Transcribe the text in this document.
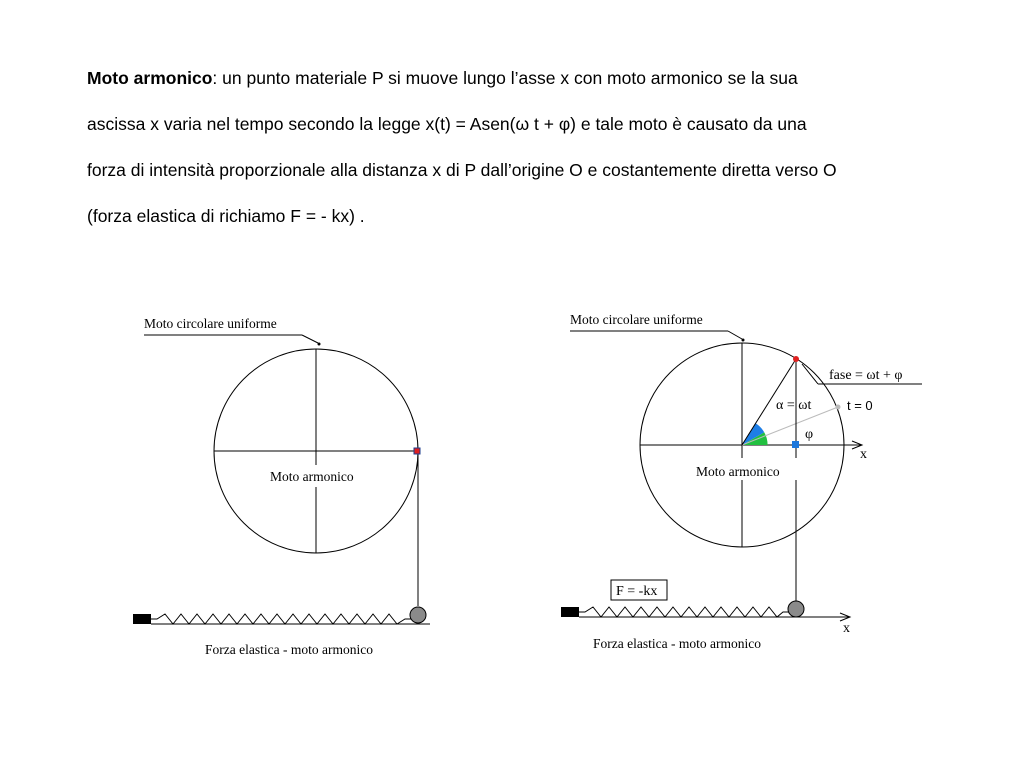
Moto armonico: un punto materiale P si muove lungo l’asse x con moto armonico se la sua

ascissa x varia nel tempo secondo la legge x(t) = Asen(ω t + φ) e tale moto è causato da una

forza di intensità proporzionale alla distanza x di P dall’origine O e costantemente diretta verso O

(forza elastica di richiamo F = - kx) .

Moto circolare uniforme
Moto armonico
Forza elastica - moto armonico
Moto circolare uniforme
x
Moto armonico
α = ωt
φ
t = 0
fase = ωt + φ
F = -kx
x
Forza elastica - moto armonico
